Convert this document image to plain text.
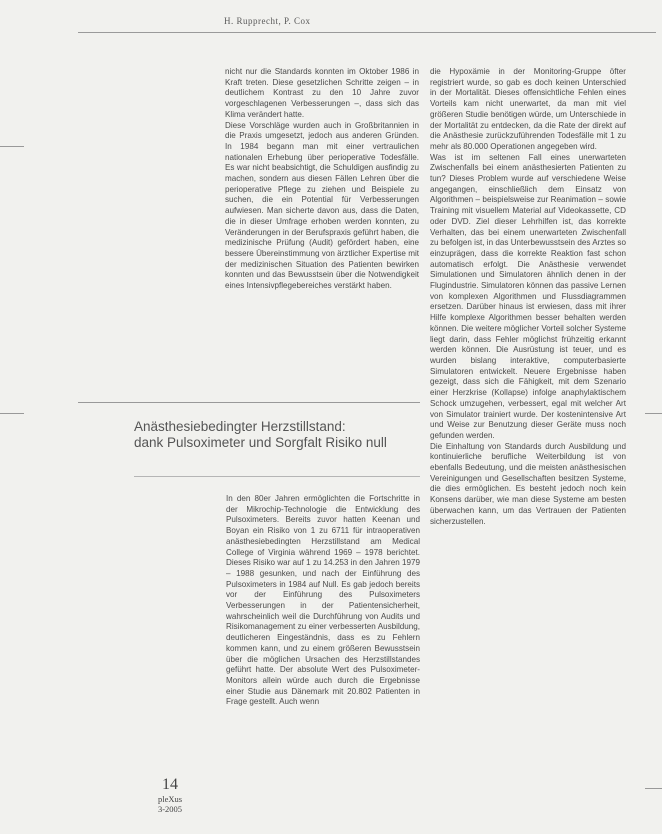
H. Rupprecht, P. Cox

nicht nur die Standards konnten im Oktober 1986 in Kraft treten. Diese gesetzlichen Schritte zeigen – in deutlichem Kontrast zu den 10 Jahre zuvor vorgeschlagenen Verbesserungen –, dass sich das Klima verändert hatte.

Diese Vorschläge wurden auch in Großbritannien in die Praxis umgesetzt, jedoch aus anderen Gründen. In 1984 begann man mit einer vertraulichen nationalen Erhebung über perioperative Todesfälle. Es war nicht beabsichtigt, die Schuldigen ausfindig zu machen, sondern aus diesen Fällen Lehren über die perioperative Pflege zu ziehen und Beispiele zu suchen, die ein Potential für Verbesserungen aufwiesen. Man sicherte davon aus, dass die Daten, die in dieser Umfrage erhoben werden konnten, zu Veränderungen in der Berufspraxis geführt haben, die medizinische Prüfung (Audit) gefördert haben, eine bessere Übereinstimmung von ärztlicher Expertise mit der medizinischen Situation des Patienten bewirken konnten und das Bewusstsein über die Notwendigkeit eines Intensivpflegebereiches verstärkt haben.

Anästhesiebedingter Herzstillstand:
dank Pulsoximeter und Sorgfalt Risiko null

In den 80er Jahren ermöglichten die Fortschritte in der Mikrochip-Technologie die Entwicklung des Pulsoximeters. Bereits zuvor hatten Keenan und Boyan ein Risiko von 1 zu 6711 für intraoperativen anästhesiebedingten Herzstillstand am Medical College of Virginia während 1969 – 1978 berichtet. Dieses Risiko war auf 1 zu 14.253 in den Jahren 1979 – 1988 gesunken, und nach der Einführung des Pulsoximeters in 1984 auf Null. Es gab jedoch bereits vor der Einführung des Pulsoximeters Verbesserungen in der Patientensicherheit, wahrscheinlich weil die Durchführung von Audits und Risikomanagement zu einer verbesserten Ausbildung, deutlicheren Eingeständnis, dass es zu Fehlern kommen kann, und zu einem größeren Bewusstsein über die möglichen Ursachen des Herzstillstandes geführt hatte. Der absolute Wert des Pulsoximeter-Monitors allein würde auch durch die Ergebnisse einer Studie aus Dänemark mit 20.802 Patienten in Frage gestellt. Auch wenn

die Hypoxämie in der Monitoring-Gruppe öfter registriert wurde, so gab es doch keinen Unterschied in der Mortalität. Dieses offensichtliche Fehlen eines Vorteils kam nicht unerwartet, da man mit viel größeren Studie benötigen würde, um Unterschiede in der Mortalität zu entdecken, da die Rate der direkt auf die Anästhesie zurückzuführenden Todesfälle mit 1 zu mehr als 80.000 Operationen angegeben wird.

Was ist im seltenen Fall eines unerwarteten Zwischenfalls bei einem anästhesierten Patienten zu tun? Dieses Problem wurde auf verschiedene Weise angegangen, einschließlich dem Einsatz von Algorithmen – beispielsweise zur Reanimation – sowie Training mit visuellem Material auf Videokassette, CD oder DVD. Ziel dieser Lehrhilfen ist, das korrekte Verhalten, das bei einem unerwarteten Zwischenfall zu befolgen ist, in das Unterbewusstsein des Arztes so einzuprägen, dass die korrekte Reaktion fast schon automatisch erfolgt. Die Anästhesie verwendet Simulationen und Simulatoren ähnlich denen in der Flugindustrie. Simulatoren können das passive Lernen von komplexen Algorithmen und Flussdiagrammen ersetzen. Darüber hinaus ist erwiesen, dass mit ihrer Hilfe komplexe Algorithmen besser behalten werden können. Die weitere möglicher Vorteil solcher Systeme liegt darin, dass Fehler möglichst frühzeitig erkannt werden können. Die Ausrüstung ist teuer, und es wurden bislang interaktive, computerbasierte Simulatoren entwickelt. Neuere Ergebnisse haben gezeigt, dass sich die Fähigkeit, mit dem Szenario einer Herzkrise (Kollapse) infolge anaphylaktischem Schock umzugehen, verbessert, egal mit welcher Art von Simulator trainiert wurde. Der kostenintensive Art und Weise zur Benutzung dieser Geräte muss noch gefunden werden.

Die Einhaltung von Standards durch Ausbildung und kontinuierliche berufliche Weiterbildung ist von ebenfalls Bedeutung, und die meisten anästhesischen Vereinigungen und Gesellschaften besitzen Systeme, die dies ermöglichen. Es besteht jedoch noch kein Konsens darüber, wie man diese Systeme am besten überwachen kann, um das Vertrauen der Patienten sicherzustellen.

14
pleXus
3-2005
